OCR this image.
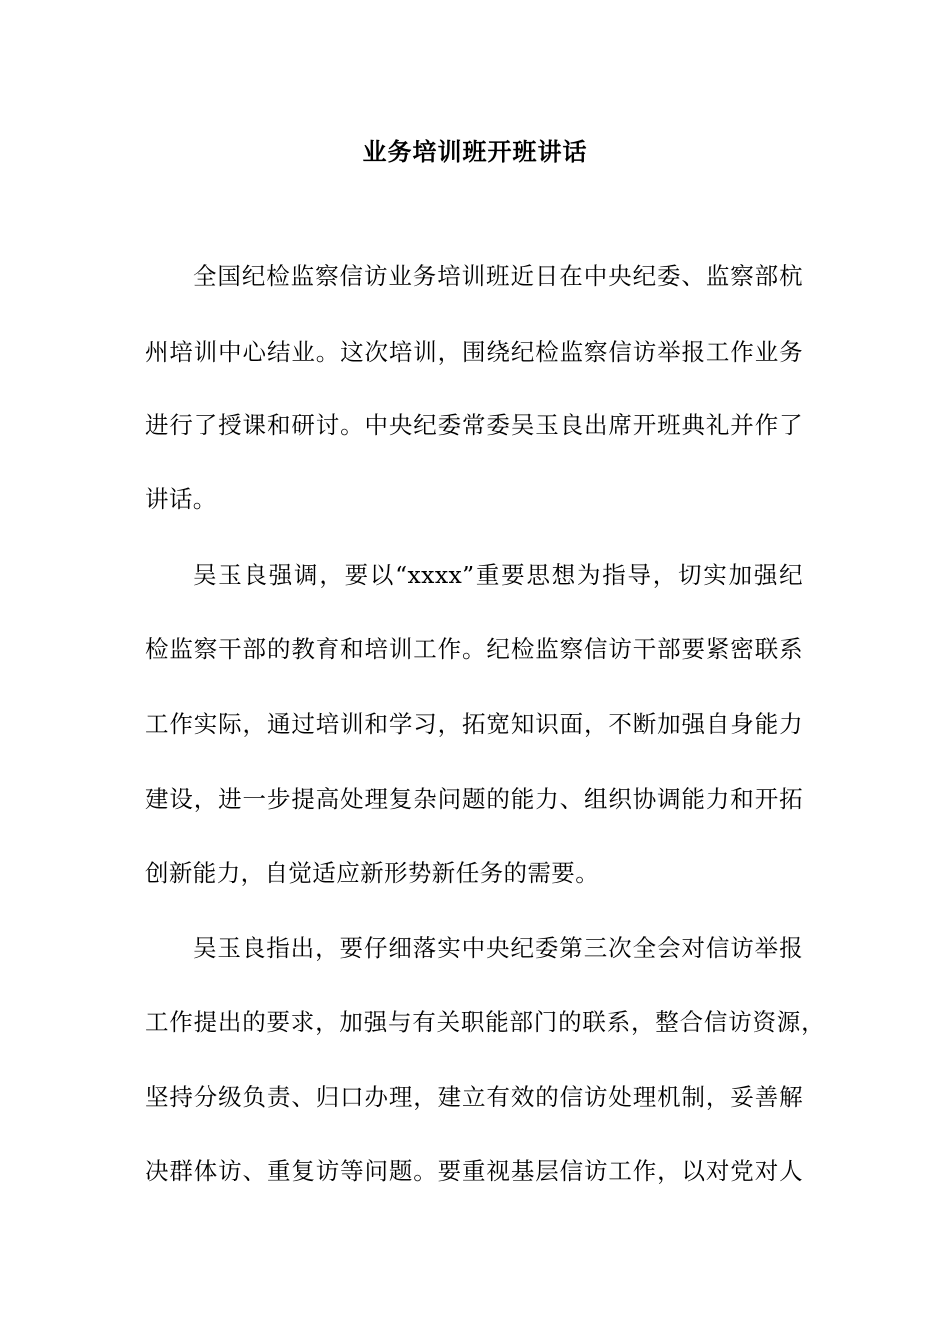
业务培训班开班讲话
全国纪检监察信访业务培训班近日在中央纪委、监察部杭
州培训中心结业。这次培训，围绕纪检监察信访举报工作业务
进行了授课和研讨。中央纪委常委吴玉良出席开班典礼并作了
讲话。
吴玉良强调，要以“xxxx”重要思想为指导，切实加强纪
检监察干部的教育和培训工作。纪检监察信访干部要紧密联系
工作实际，通过培训和学习，拓宽知识面，不断加强自身能力
建设，进一步提高处理复杂问题的能力、组织协调能力和开拓
创新能力，自觉适应新形势新任务的需要。
吴玉良指出，要仔细落实中央纪委第三次全会对信访举报
工作提出的要求，加强与有关职能部门的联系，整合信访资源，
坚持分级负责、归口办理，建立有效的信访处理机制，妥善解
决群体访、重复访等问题。要重视基层信访工作，以对党对人
